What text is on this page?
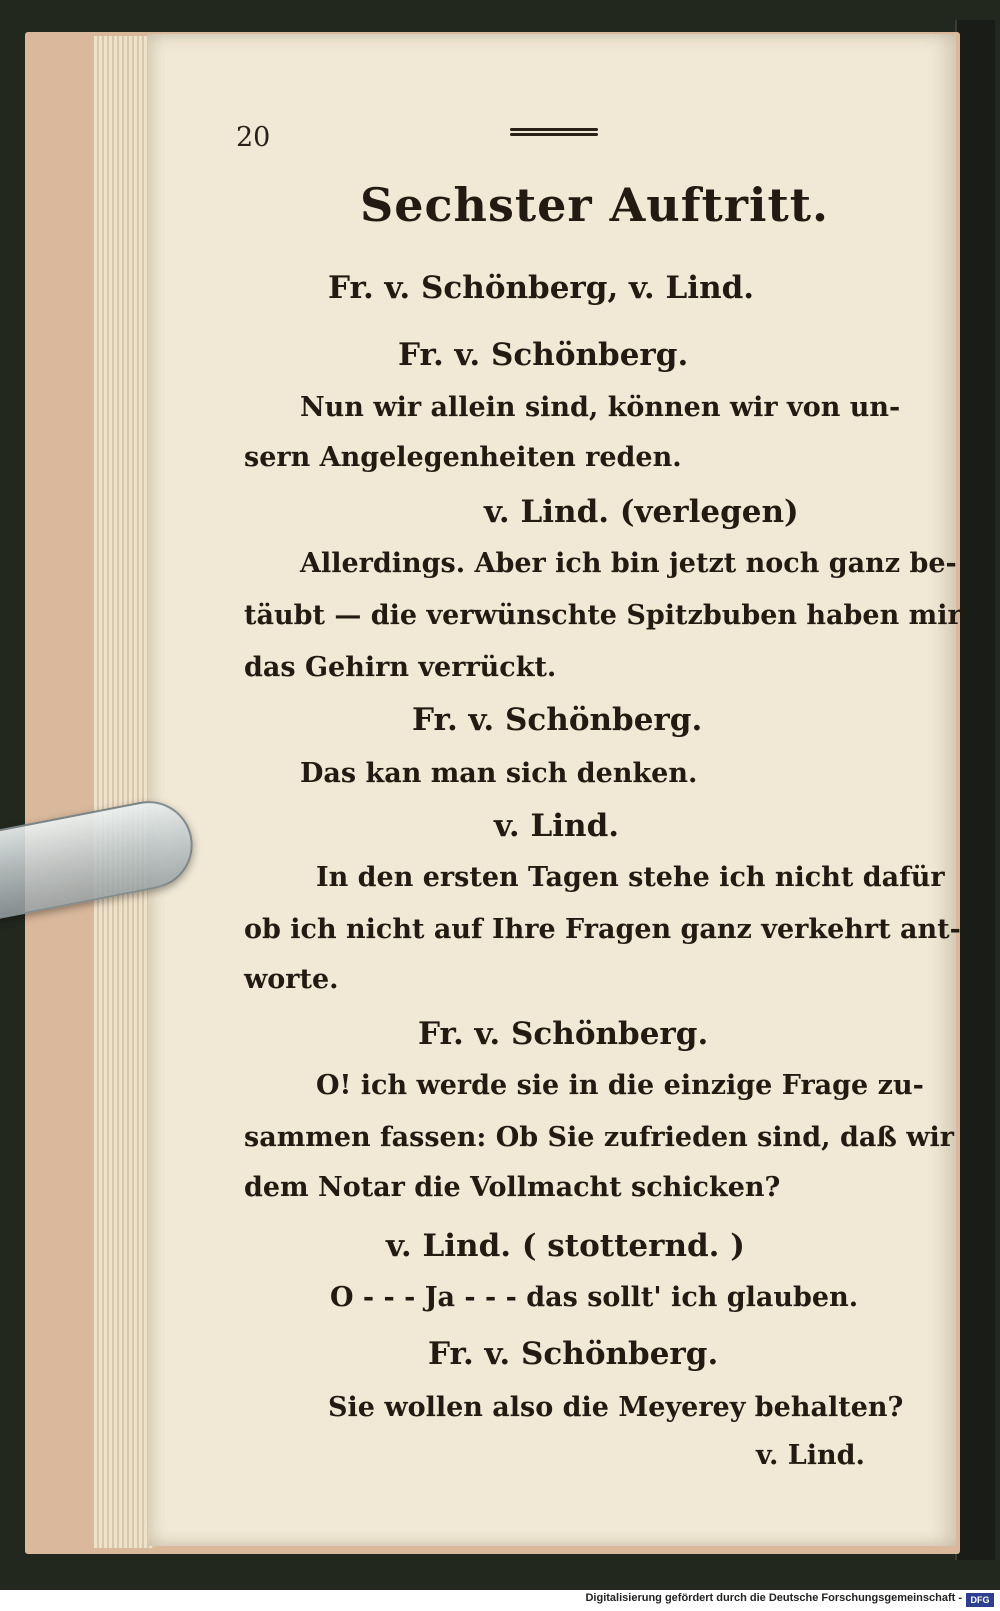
20
Sechster Auftritt.
Fr. v. Schönberg, v. Lind.
Fr. v. Schönberg.
Nun wir allein sind, können wir von un-
sern Angelegenheiten reden.
v. Lind. (verlegen)
Allerdings. Aber ich bin jetzt noch ganz be-
täubt — die verwünschte Spitzbuben haben mir
das Gehirn verrückt.
Fr. v. Schönberg.
Das kan man sich denken.
v. Lind.
In den ersten Tagen stehe ich nicht dafür
ob ich nicht auf Ihre Fragen ganz verkehrt ant-
worte.
Fr. v. Schönberg.
O! ich werde sie in die einzige Frage zu-
sammen fassen: Ob Sie zufrieden sind, daß wir
dem Notar die Vollmacht schicken?
v. Lind. ( stotternd. )
O - - - Ja - - - das sollt' ich glauben.
Fr. v. Schönberg.
Sie wollen also die Meyerey behalten?
v. Lind.
Digitalisierung gefördert durch die Deutsche Forschungsgemeinschaft - DFG
